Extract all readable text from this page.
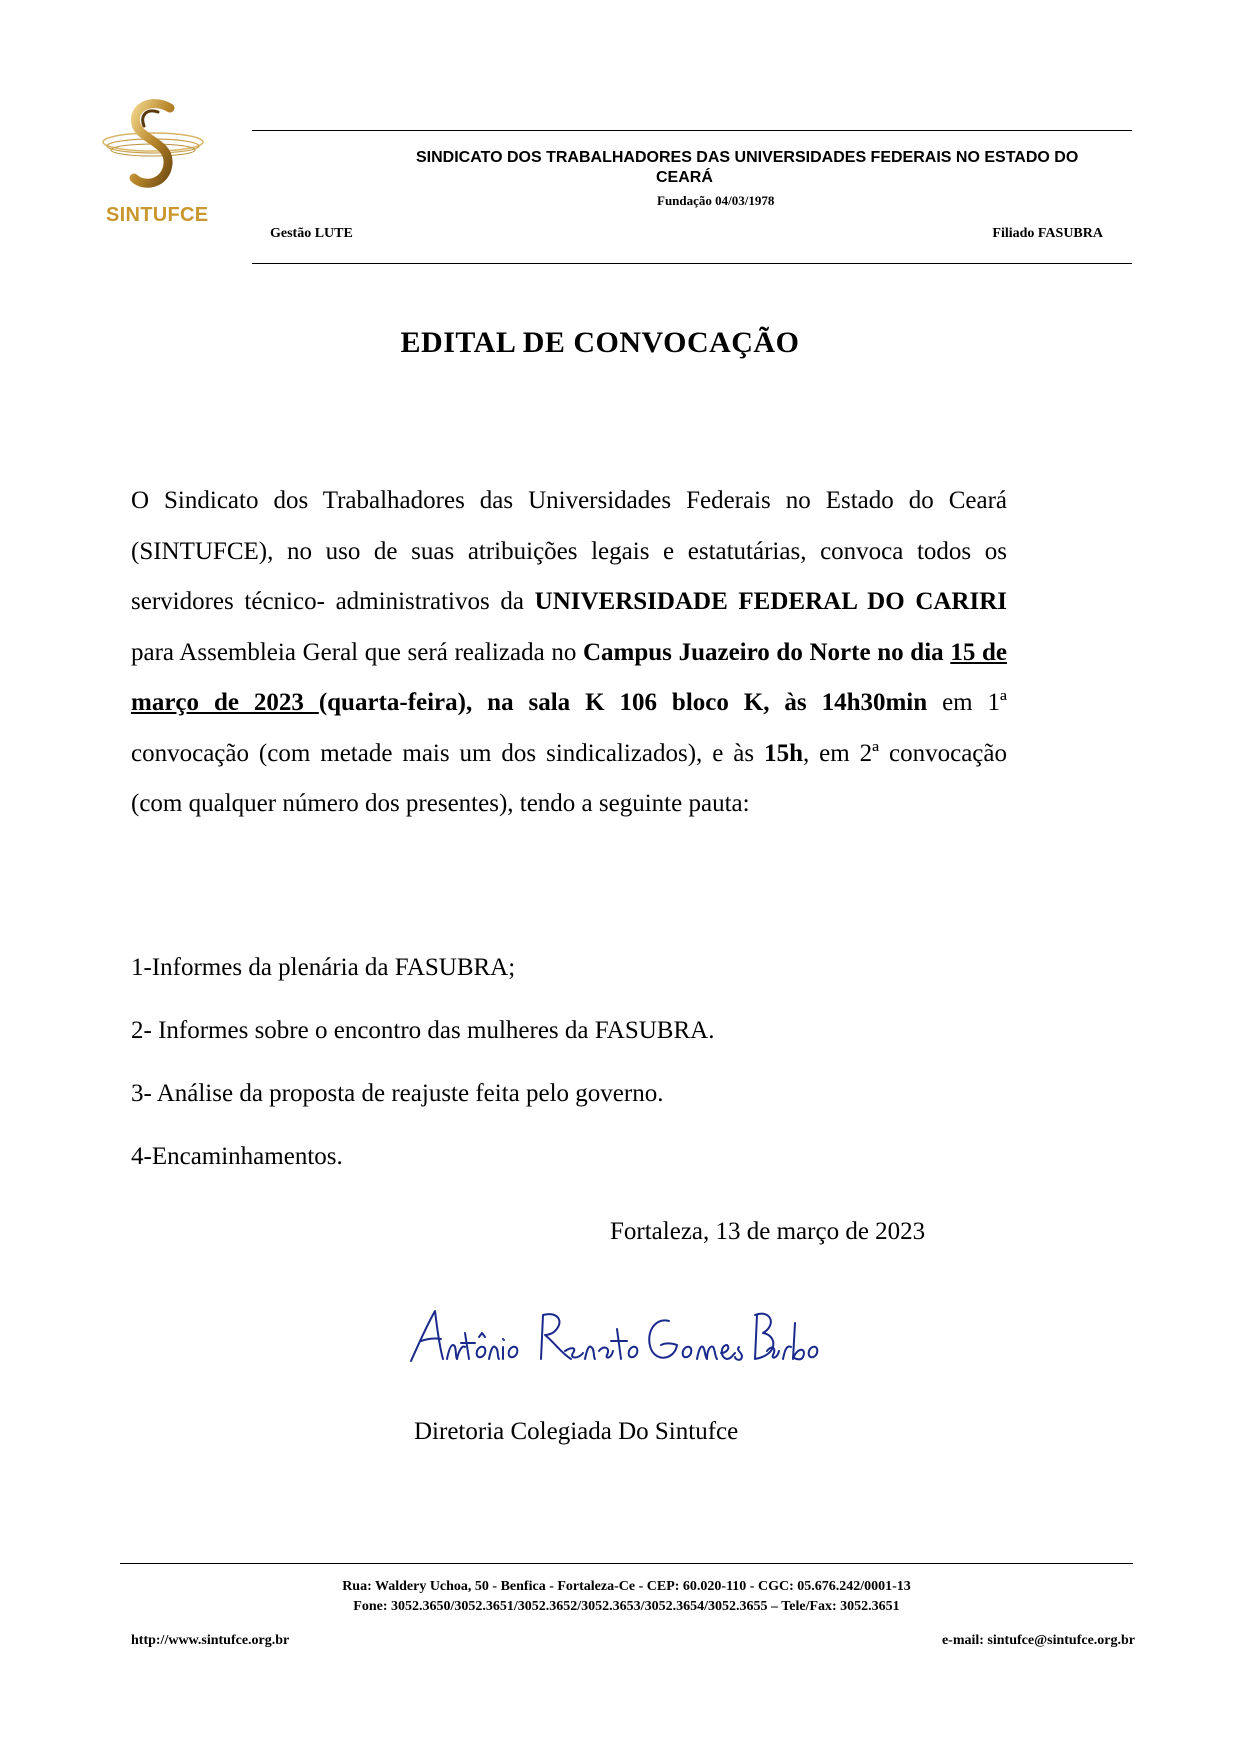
SINTUFCE
SINDICATO DOS TRABALHADORES DAS UNIVERSIDADES FEDERAIS NO ESTADO DO
CEARÁ
Fundação 04/03/1978
Gestão LUTE	Filiado FASUBRA
EDITAL DE CONVOCAÇÃO
O Sindicato dos Trabalhadores das Universidades Federais no Estado do Ceará (SINTUFCE), no uso de suas atribuições legais e estatutárias, convoca todos os servidores técnico- administrativos da UNIVERSIDADE FEDERAL DO CARIRI para Assembleia Geral que será realizada no Campus Juazeiro do Norte no dia 15 de março de 2023 (quarta-feira), na sala K 106 bloco K, às 14h30min em 1ª convocação (com metade mais um dos sindicalizados), e às 15h, em 2ª convocação (com qualquer número dos presentes), tendo a seguinte pauta:
1-Informes da plenária da FASUBRA;
2- Informes sobre o encontro das mulheres da FASUBRA.
3- Análise da proposta de reajuste feita pelo governo.
4-Encaminhamentos.
Fortaleza, 13 de março de 2023
Diretoria Colegiada Do Sintufce
Rua: Waldery Uchoa, 50 - Benfica - Fortaleza-Ce - CEP: 60.020-110 - CGC: 05.676.242/0001-13
Fone: 3052.3650/3052.3651/3052.3652/3052.3653/3052.3654/3052.3655 – Tele/Fax: 3052.3651
http://www.sintufce.org.br	e-mail: sintufce@sintufce.org.br
